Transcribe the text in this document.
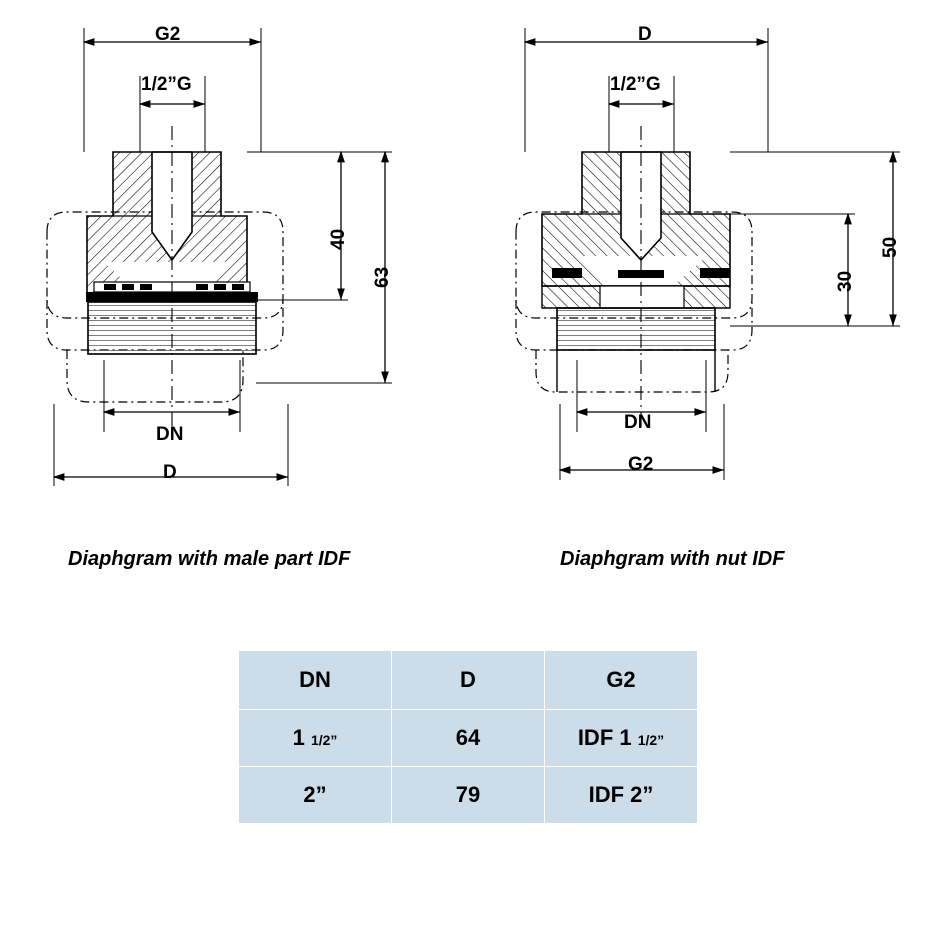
G2
1/2”G
40
63
DN
D
D
1/2”G
30
50
DN
G2
Diaphgram with male part IDF	Diaphgram with nut IDF
DN	D	G2
1 1/2”	64	IDF 1 1/2”
2”	79	IDF 2”
